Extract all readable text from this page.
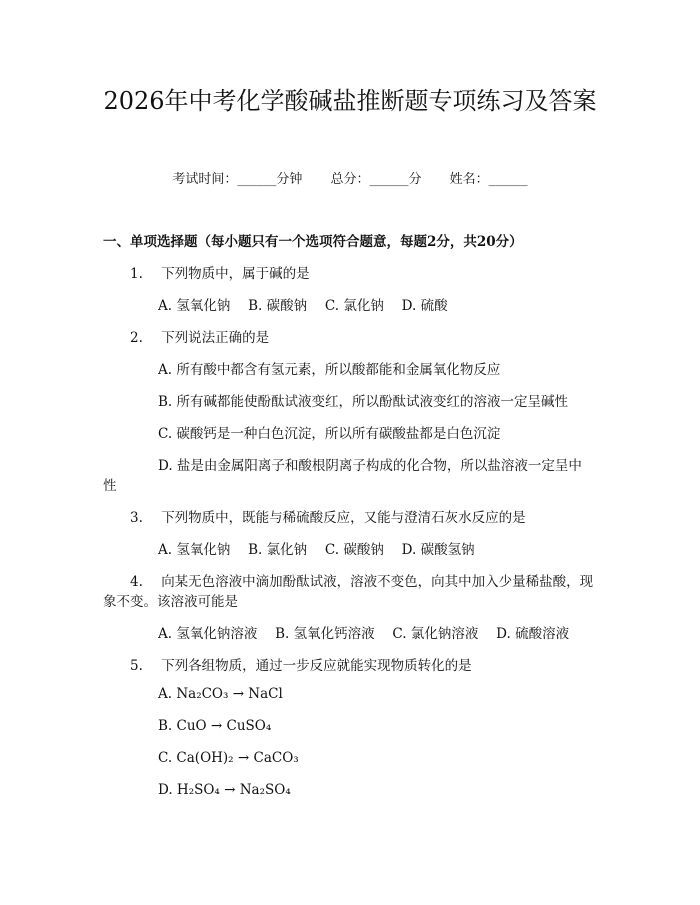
2026年中考化学酸碱盐推断题专项练习及答案
考试时间：______分钟 总分：______分 姓名：______
一、单项选择题（每小题只有一个选项符合题意，每题2分，共20分）
1. 下列物质中，属于碱的是
A. 氢氧化钠　 B. 碳酸钠　 C. 氯化钠　 D. 硫酸
2. 下列说法正确的是
A. 所有酸中都含有氢元素，所以酸都能和金属氧化物反应
B. 所有碱都能使酚酞试液变红，所以酚酞试液变红的溶液一定呈碱性
C. 碳酸钙是一种白色沉淀，所以所有碳酸盐都是白色沉淀
D. 盐是由金属阳离子和酸根阴离子构成的化合物，所以盐溶液一定呈中
性
3. 下列物质中，既能与稀硫酸反应，又能与澄清石灰水反应的是
A. 氢氧化钠　 B. 氯化钠　 C. 碳酸钠　 D. 碳酸氢钠
4. 向某无色溶液中滴加酚酞试液，溶液不变色，向其中加入少量稀盐酸，现
象不变。该溶液可能是
A. 氢氧化钠溶液　 B. 氢氧化钙溶液　 C. 氯化钠溶液　 D. 硫酸溶液
5. 下列各组物质，通过一步反应就能实现物质转化的是
A. Na₂CO₃ → NaCl
B. CuO → CuSO₄
C. Ca(OH)₂ → CaCO₃
D. H₂SO₄ → Na₂SO₄
